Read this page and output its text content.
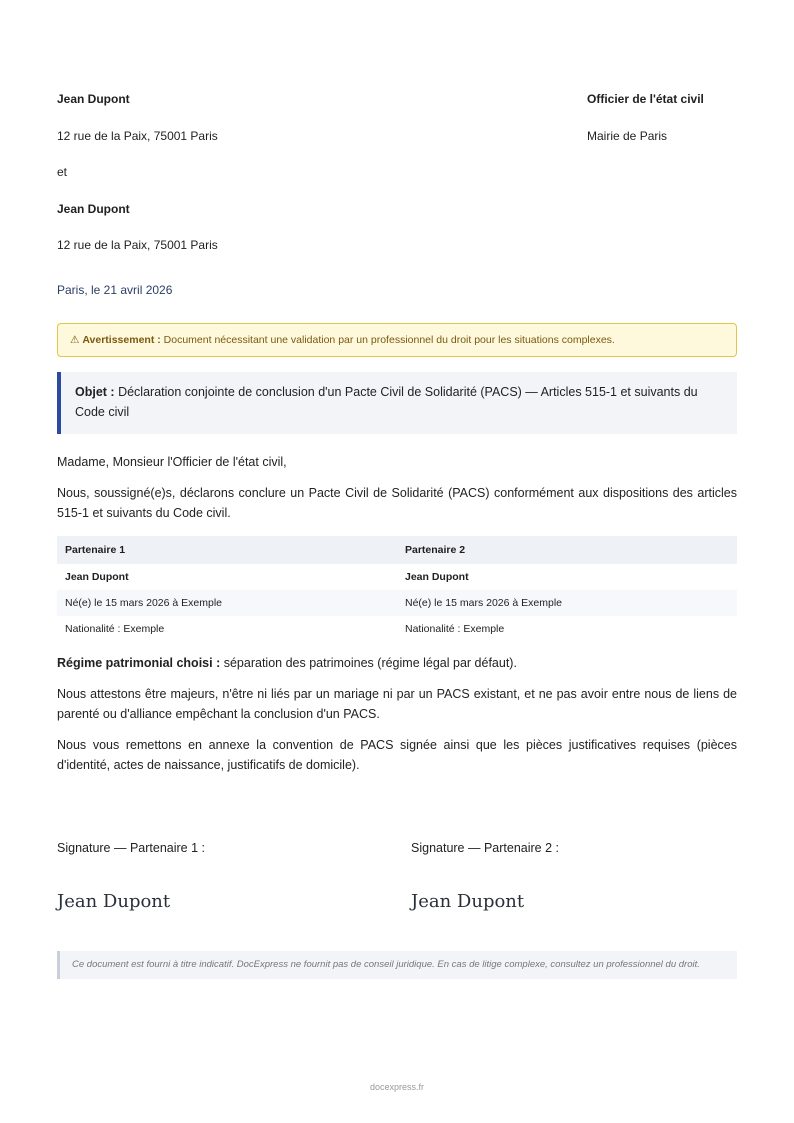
Jean Dupont
12 rue de la Paix, 75001 Paris
et
Jean Dupont
12 rue de la Paix, 75001 Paris
Officier de l'état civil
Mairie de Paris
Paris, le 21 avril 2026
⚠ Avertissement : Document nécessitant une validation par un professionnel du droit pour les situations complexes.
Objet : Déclaration conjointe de conclusion d'un Pacte Civil de Solidarité (PACS) — Articles 515-1 et suivants du Code civil
Madame, Monsieur l'Officier de l'état civil,
Nous, soussigné(e)s, déclarons conclure un Pacte Civil de Solidarité (PACS) conformément aux dispositions des articles 515-1 et suivants du Code civil.
Partenaire 1	Partenaire 2
Jean Dupont	Jean Dupont
Né(e) le 15 mars 2026 à Exemple	Né(e) le 15 mars 2026 à Exemple
Nationalité : Exemple	Nationalité : Exemple
Régime patrimonial choisi : séparation des patrimoines (régime légal par défaut).
Nous attestons être majeurs, n'être ni liés par un mariage ni par un PACS existant, et ne pas avoir entre nous de liens de parenté ou d'alliance empêchant la conclusion d'un PACS.
Nous vous remettons en annexe la convention de PACS signée ainsi que les pièces justificatives requises (pièces d'identité, actes de naissance, justificatifs de domicile).
Signature — Partenaire 1 :
Jean Dupont
Signature — Partenaire 2 :
Jean Dupont
Ce document est fourni à titre indicatif. DocExpress ne fournit pas de conseil juridique. En cas de litige complexe, consultez un professionnel du droit.
docexpress.fr
